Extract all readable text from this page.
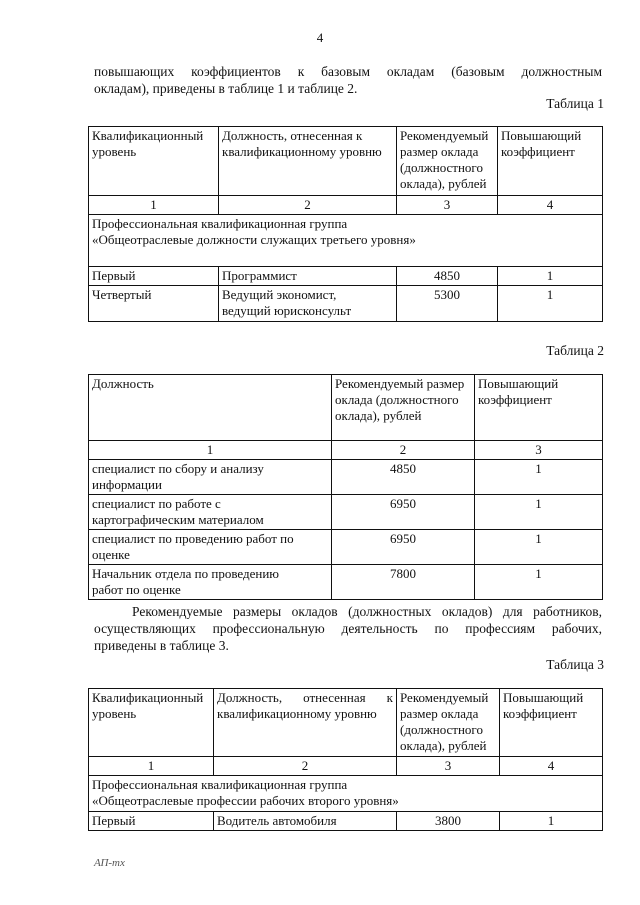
4

повышающих коэффициентов к базовым окладам (базовым должностным

окладам), приведены в таблице 1 и таблице 2.

Таблица 1
Квалификационный уровень	Должность, отнесенная к квалификационному уровню	Рекомендуемый размер оклада (должностного оклада), рублей	Повышающий коэффициент
1	2	3	4

Профессиональная квалификационная группа
«Общеотраслевые должности служащих третьего уровня»			

Первый	Программист	4850	1
Четвертый	Ведущий экономист,
ведущий юрисконсульт	5300	1
Таблица 2
Должность	Рекомендуемый размер оклада (должностного оклада), рублей	Повышающий коэффициент
1	2	3

специалист по сбору и анализу
информации	4850	1

специалист по работе с
картографическим материалом	6950	1

специалист по проведению работ по
оценке	6950	1

Начальник отдела по проведению
работ по оценке	7800	1

Рекомендуемые размеры окладов (должностных окладов) для работников,

осуществляющих профессиональную деятельность по профессиям рабочих,

приведены в таблице 3.

Таблица 3
Квалификационный уровень	Должность, отнесенная к квалификационному уровню	Рекомендуемый размер оклада (должностного оклада), рублей	Повышающий коэффициент
1	2	3	4

Профессиональная квалификационная группа
«Общеотраслевые профессии рабочих второго уровня»			

Первый	Водитель автомобиля	3800	1
АП-тх
